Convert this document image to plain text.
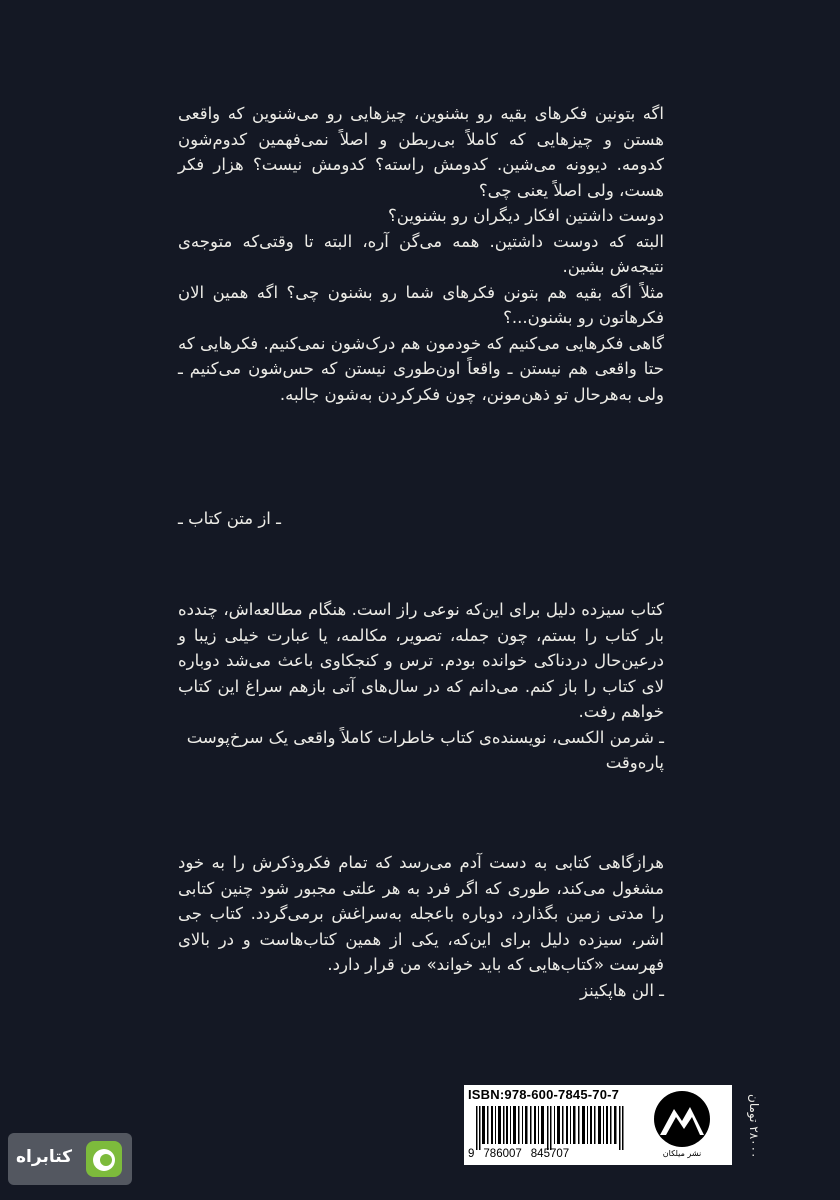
اگه بتونین فکرهای بقیه رو بشنوین، چیزهایی رو می‌شنوین که واقعی هستن و چیزهایی که کاملاً بی‌ربطن و اصلاً نمی‌فهمین کدوم‌شون کدومه. دیوونه می‌شین. کدومش راسته؟ کدومش نیست؟ هزار فکر هست، ولی اصلاً یعنی چی؟

دوست داشتین افکار دیگران رو بشنوین؟

البته که دوست داشتین. همه می‌گن آره، البته تا وقتی‌که متوجه‌ی نتیجه‌ش بشین.

مثلاً اگه بقیه هم بتونن فکرهای شما رو بشنون چی؟ اگه همین الان فکرهاتون رو بشنون...؟

گاهی فکرهایی می‌کنیم که خودمون هم درک‌شون نمی‌کنیم. فکرهایی که حتا واقعی هم نیستن ـ واقعاً اون‌طوری نیستن که حس‌شون می‌کنیم ـ ولی به‌هرحال تو ذهن‌مونن، چون فکرکردن به‌شون جالبه.

ـ از متن کتاب ـ

کتاب سیزده دلیل برای این‌که نوعی راز است. هنگام مطالعه‌اش، چندده بار کتاب را بستم، چون جمله، تصویر، مکالمه، یا عبارت خیلی زیبا و درعین‌حال دردناکی خوانده بودم. ترس و کنجکاوی باعث می‌شد دوباره لای کتاب را باز کنم. می‌دانم که در سال‌های آتی بازهم سراغ این کتاب خواهم رفت.

ـ شرمن الکسی، نویسنده‌ی کتاب خاطرات کاملاً واقعی یک سرخ‌پوست پاره‌وقت

هرازگاهی کتابی به دست آدم می‌رسد که تمام فکروذکرش را به خود مشغول می‌کند، طوری که اگر فرد به هر علتی مجبور شود چنین کتابی را مدتی زمین بگذارد، دوباره باعجله به‌سراغش برمی‌گردد. کتاب جی اشر، سیزده دلیل برای این‌که، یکی از همین کتاب‌هاست و در بالای فهرست «کتاب‌هایی که باید خواند» من قرار دارد.

ـ الن هاپکینز

ISBN:978-600-7845-70-7
9 786007 845707	نشر میلکان
۲۸۰۰۰ تومان
کتابراه
